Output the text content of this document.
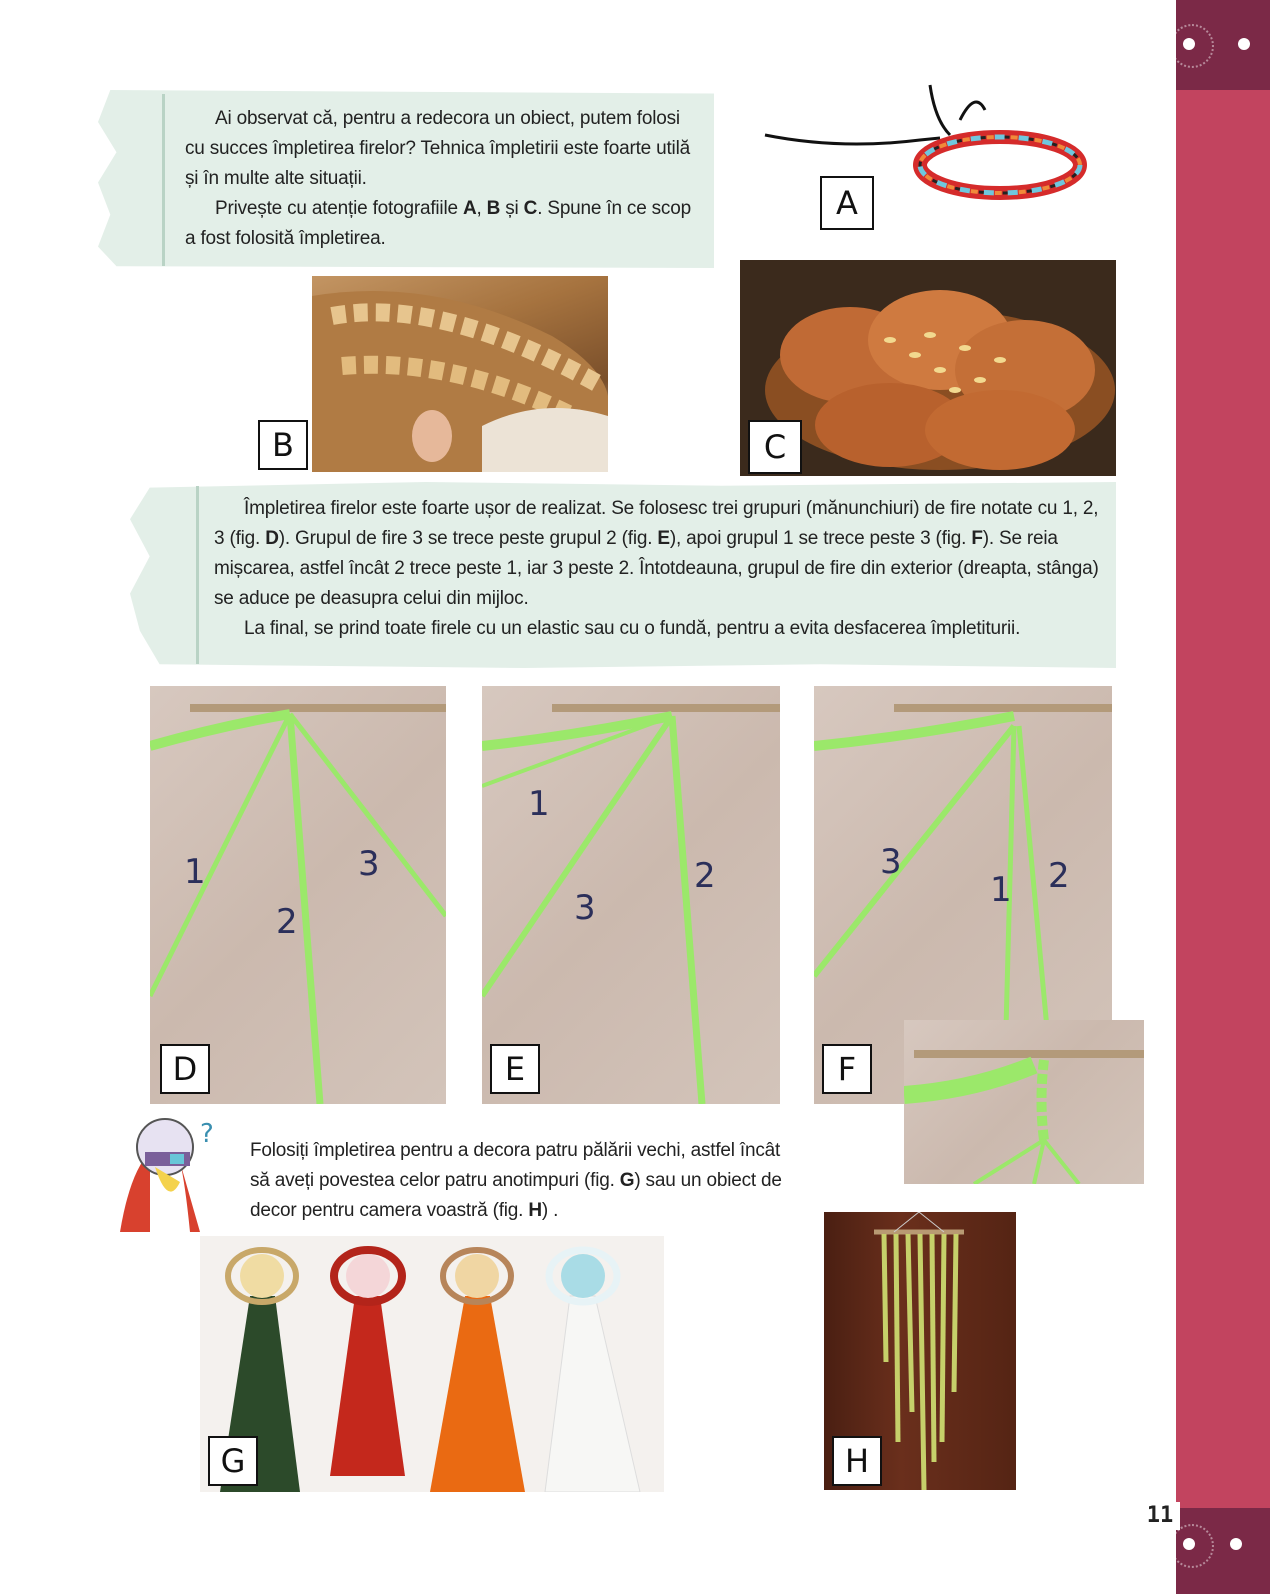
11

Ai observat că, pentru a redecora un obiect, putem folosi cu succes împletirea firelor? Tehnica împletirii este foarte utilă și în multe alte situații.

Privește cu atenție fotografiile A, B și C. Spune în ce scop a fost folosită împletirea.

A
B	C

Împletirea firelor este foarte ușor de realizat. Se folosesc trei grupuri (mănunchiuri) de fire notate cu 1, 2, 3 (fig. D). Grupul de fire 3 se trece peste grupul 2 (fig. E), apoi grupul 1 se trece peste 3 (fig. F). Se reia mișcarea, astfel încât 2 trece peste 1, iar 3 peste 2. Întotdeauna, grupul de fire din exterior (dreapta, stânga) se aduce pe deasupra celui din mijloc.

La final, se prind toate firele cu un elastic sau cu o fundă, pentru a evita desfacerea împletiturii.

1
2
3
D
1
3
2
E
3
1 2
F
?

Folosiți împletirea pentru a decora patru pălării vechi, astfel încât să aveți povestea celor patru anotimpuri (fig. G) sau un obiect de decor pentru camera voastră (fig. H) .

G	H
